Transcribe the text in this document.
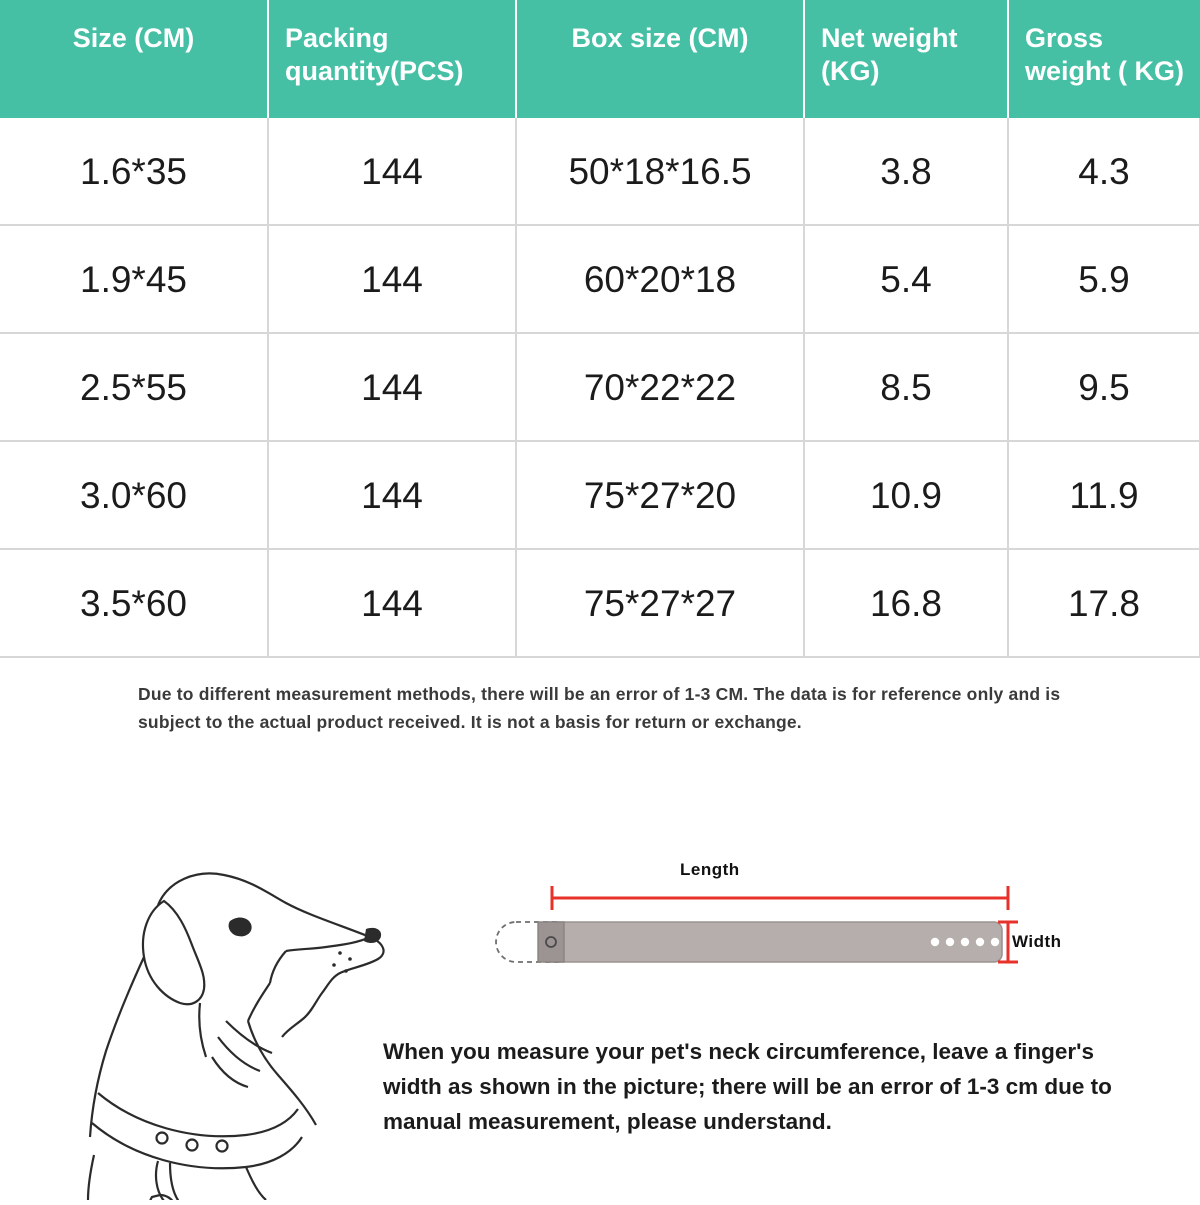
Size (CM)	Packing quantity(PCS)	Box size (CM)	Net weight (KG)	Gross weight ( KG)
1.6*35	144	50*18*16.5	3.8	4.3
1.9*45	144	60*20*18	5.4	5.9
2.5*55	144	70*22*22	8.5	9.5
3.0*60	144	75*27*20	10.9	11.9
3.5*60	144	75*27*27	16.8	17.8

Due to different measurement methods, there will be an error of 1-3 CM. The data is for reference only and is subject to the actual product received. It is not a basis for return or exchange.

Length
Width
When you measure your pet's neck circumference, leave a finger's width as shown in the picture; there will be an error of 1-3 cm due to manual measurement, please understand.
